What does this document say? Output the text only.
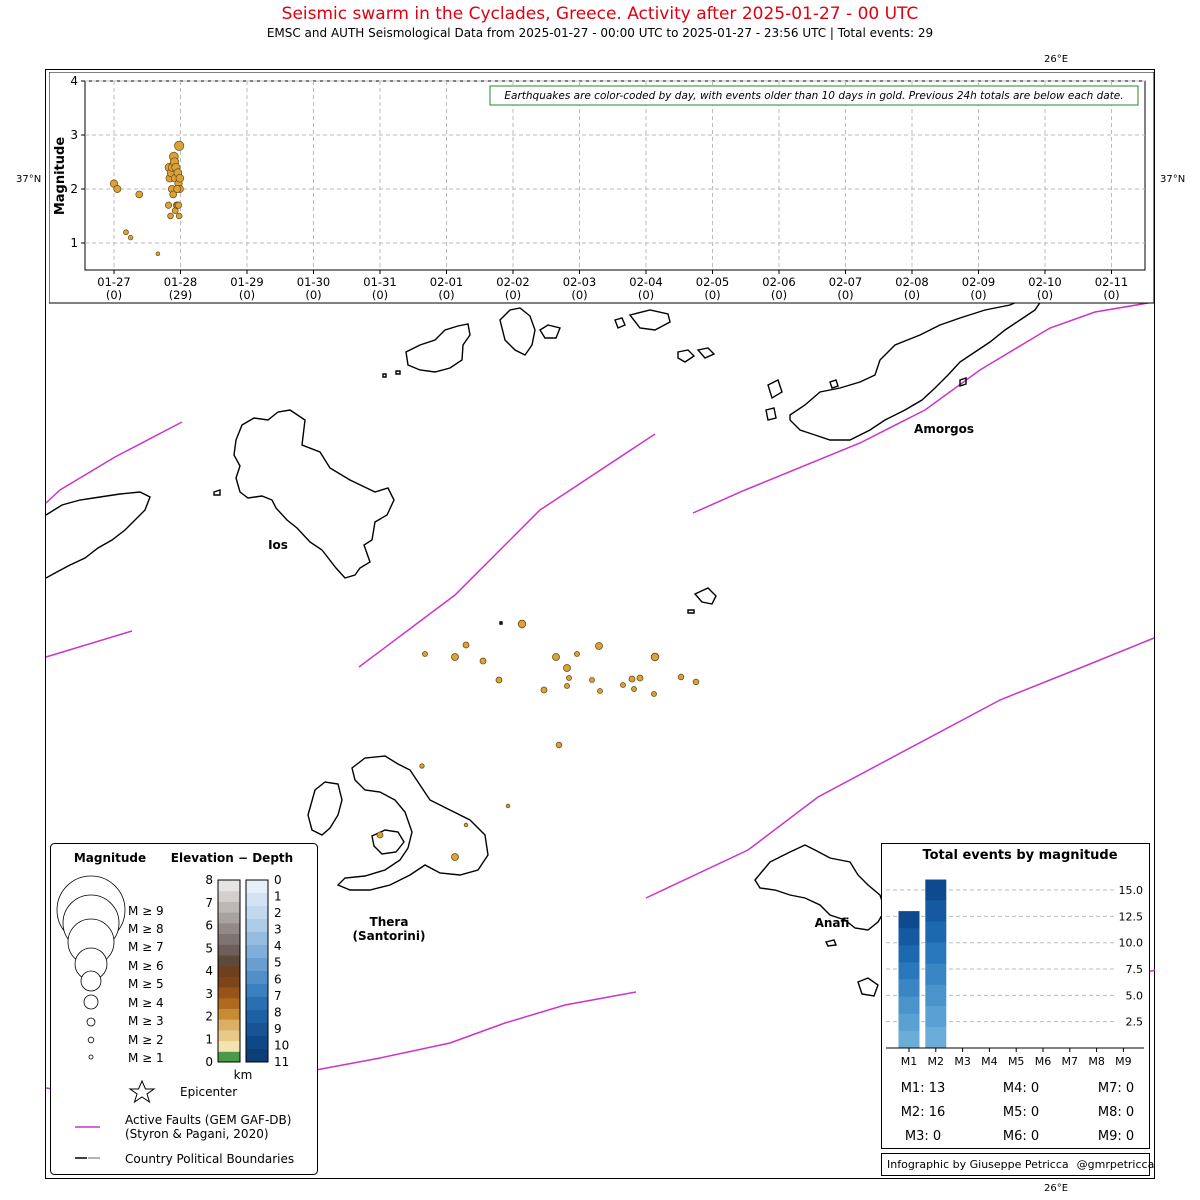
Seismic swarm in the Cyclades, Greece. Activity after 2025-01-27 - 00 UTC
EMSC and AUTH Seismological Data from 2025-01-27 - 00:00 UTC to 2025-01-27 - 23:56 UTC | Total events: 29
26°E
26°E
37°N	37°N
Amorgos
Ios
Thera
(Santorini)
Anafi
1
2
3
4
01-27
(0)
01-28
(29)
01-29
(0)
01-30
(0)
01-31
(0)
02-01
(0)
02-02
(0)
02-03
(0)
02-04
(0)
02-05
(0)
02-06
(0)
02-07
(0)
02-08
(0)
02-09
(0)
02-10
(0)
02-11
(0)
Magnitude
Earthquakes are color-coded by day, with events older than 10 days in gold. Previous 24h totals are below each date.
Magnitude Elevation − Depth
M ≥ 9
M ≥ 8
M ≥ 7
M ≥ 6
M ≥ 5
M ≥ 4
M ≥ 3
M ≥ 2
M ≥ 1
8
7
6
5
4
3
2
1
0
0
1
2
3
4
5
6
7
8
9
10
11
km
Epicenter
Active Faults (GEM GAF-DB)
(Styron & Pagani, 2020)
Country Political Boundaries
Total events by magnitude
M1 M2 M3 M4 M5 M6 M7 M8 M9
2.5
5.0
7.5
10.0
12.5
15.0
M1: 13	M4: 0	M7: 0
M2: 16	M5: 0	M8: 0
M3: 0	M6: 0	M9: 0
Infographic by Giuseppe Petricca @gmrpetricca
